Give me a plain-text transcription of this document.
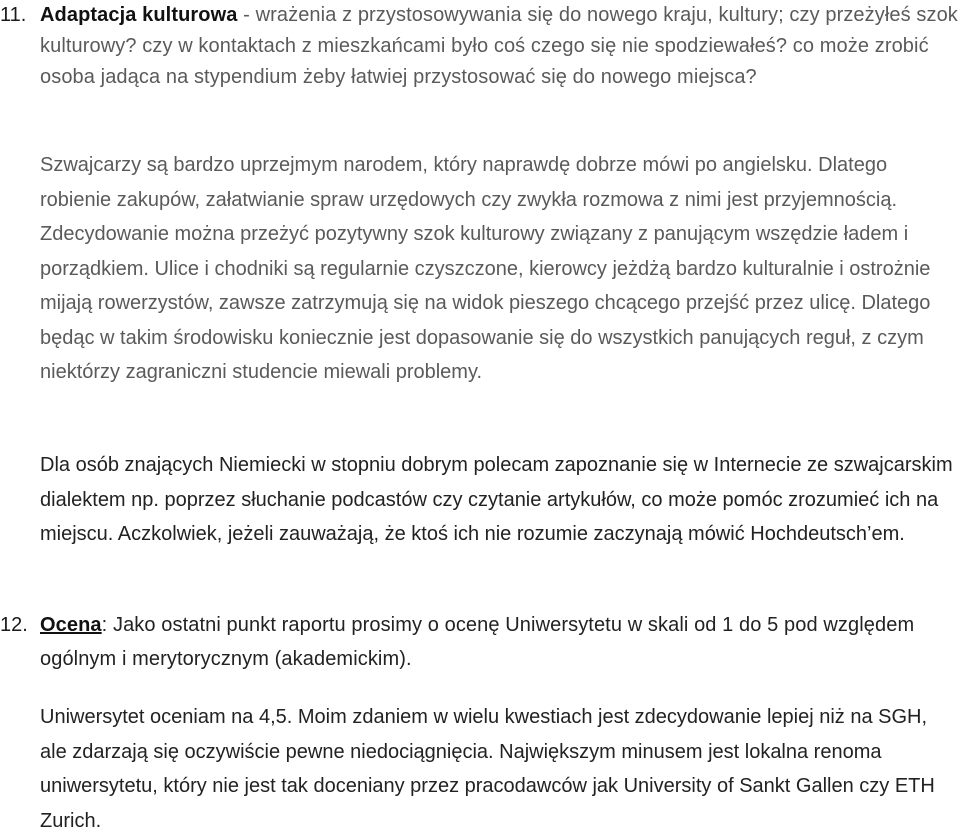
11. Adaptacja kulturowa - wrażenia z przystosowywania się do nowego kraju, kultury; czy przeżyłeś szok kulturowy? czy w kontaktach z mieszkańcami było coś czego się nie spodziewałeś? co może zrobić osoba jadąca na stypendium żeby łatwiej przystosować się do nowego miejsca?

Szwajcarzy są bardzo uprzejmym narodem, który naprawdę dobrze mówi po angielsku. Dlatego robienie zakupów, załatwianie spraw urzędowych czy zwykła rozmowa z nimi jest przyjemnością. Zdecydowanie można przeżyć pozytywny szok kulturowy związany z panującym wszędzie ładem i porządkiem. Ulice i chodniki są regularnie czyszczone, kierowcy jeżdżą bardzo kulturalnie i ostrożnie mijają rowerzystów, zawsze zatrzymują się na widok pieszego chcącego przejść przez ulicę. Dlatego będąc w takim środowisku koniecznie jest dopasowanie się do wszystkich panujących reguł, z czym niektórzy zagraniczni studencie miewali problemy.

Dla osób znających Niemiecki w stopniu dobrym polecam zapoznanie się w Internecie ze szwajcarskim dialektem np. poprzez słuchanie podcastów czy czytanie artykułów, co może pomóc zrozumieć ich na miejscu. Aczkolwiek, jeżeli zauważają, że ktoś ich nie rozumie zaczynają mówić Hochdeutsch’em.

12. Ocena: Jako ostatni punkt raportu prosimy o ocenę Uniwersytetu w skali od 1 do 5 pod względem ogólnym i merytorycznym (akademickim).

Uniwersytet oceniam na 4,5. Moim zdaniem w wielu kwestiach jest zdecydowanie lepiej niż na SGH, ale zdarzają się oczywiście pewne niedociągnięcia. Największym minusem jest lokalna renoma uniwersytetu, który nie jest tak doceniany przez pracodawców jak University of Sankt Gallen czy ETH Zurich.
